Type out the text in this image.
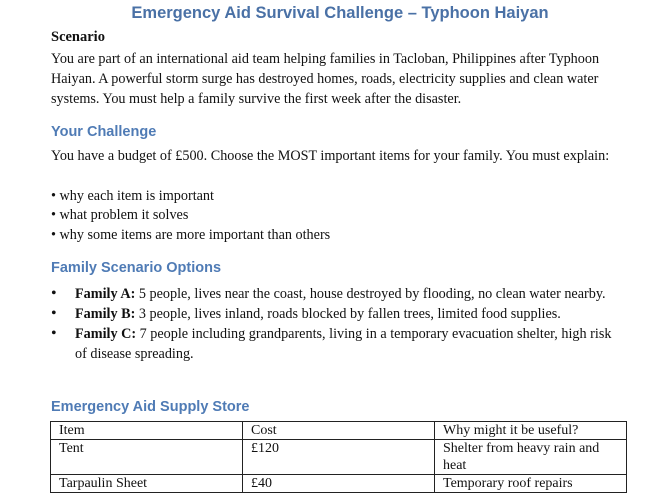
Emergency Aid Survival Challenge – Typhoon Haiyan
Scenario
You are part of an international aid team helping families in Tacloban, Philippines after Typhoon Haiyan. A powerful storm surge has destroyed homes, roads, electricity supplies and clean water systems. You must help a family survive the first week after the disaster.
Your Challenge
You have a budget of £500. Choose the MOST important items for your family. You must explain:
• why each item is important
• what problem it solves
• why some items are more important than others
Family Scenario Options
• Family A: 5 people, lives near the coast, house destroyed by flooding, no clean water nearby.
• Family B: 3 people, lives inland, roads blocked by fallen trees, limited food supplies.
• Family C: 7 people including grandparents, living in a temporary evacuation shelter, high risk of disease spreading.
Emergency Aid Supply Store
Item	Cost	Why might it be useful?
Tent	£120	Shelter from heavy rain and heat
Tarpaulin Sheet	£40	Temporary roof repairs
